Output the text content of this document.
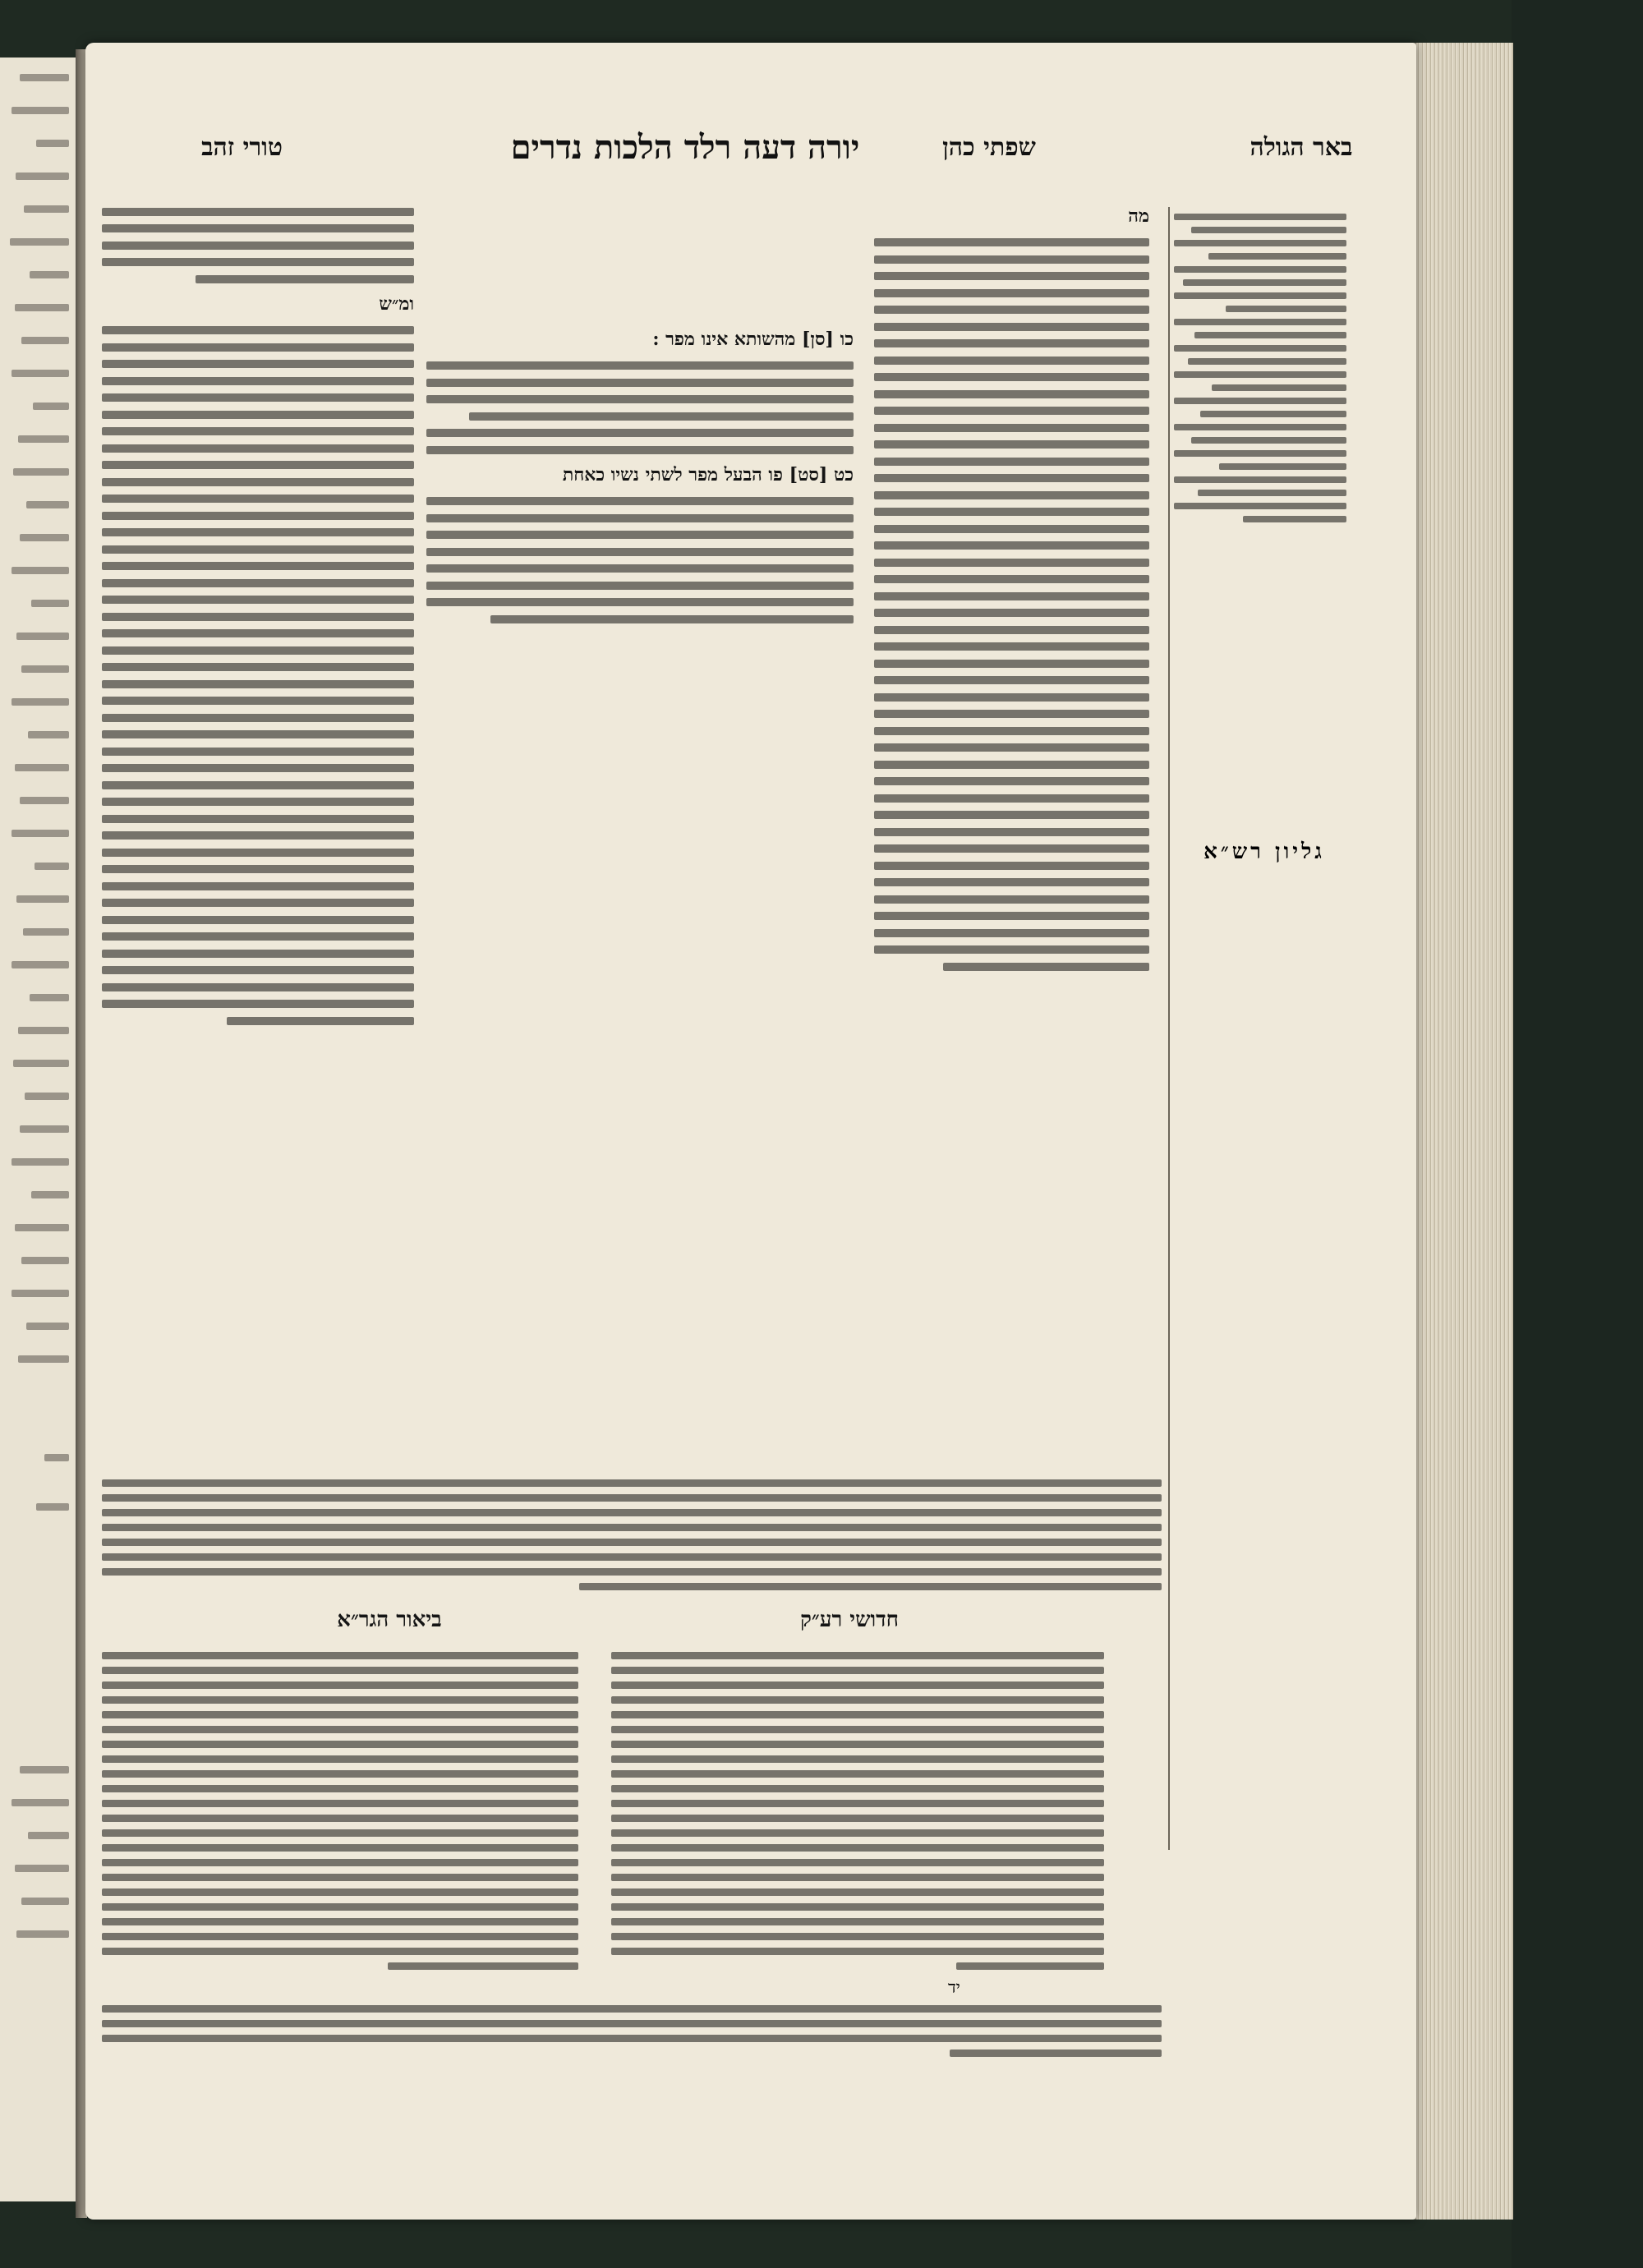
טורי זהב	יורה דעה רלד הלכות נדרים	שפתי כהן	באר הגולה
ומ״ש
כו [סן] מהשותא אינו מפר :
כט [סט] פו הבעל מפר לשתי נשיו כאחת
מה
גליון רש״א
ביאור הגר״א	חדושי רע״ק
יד
